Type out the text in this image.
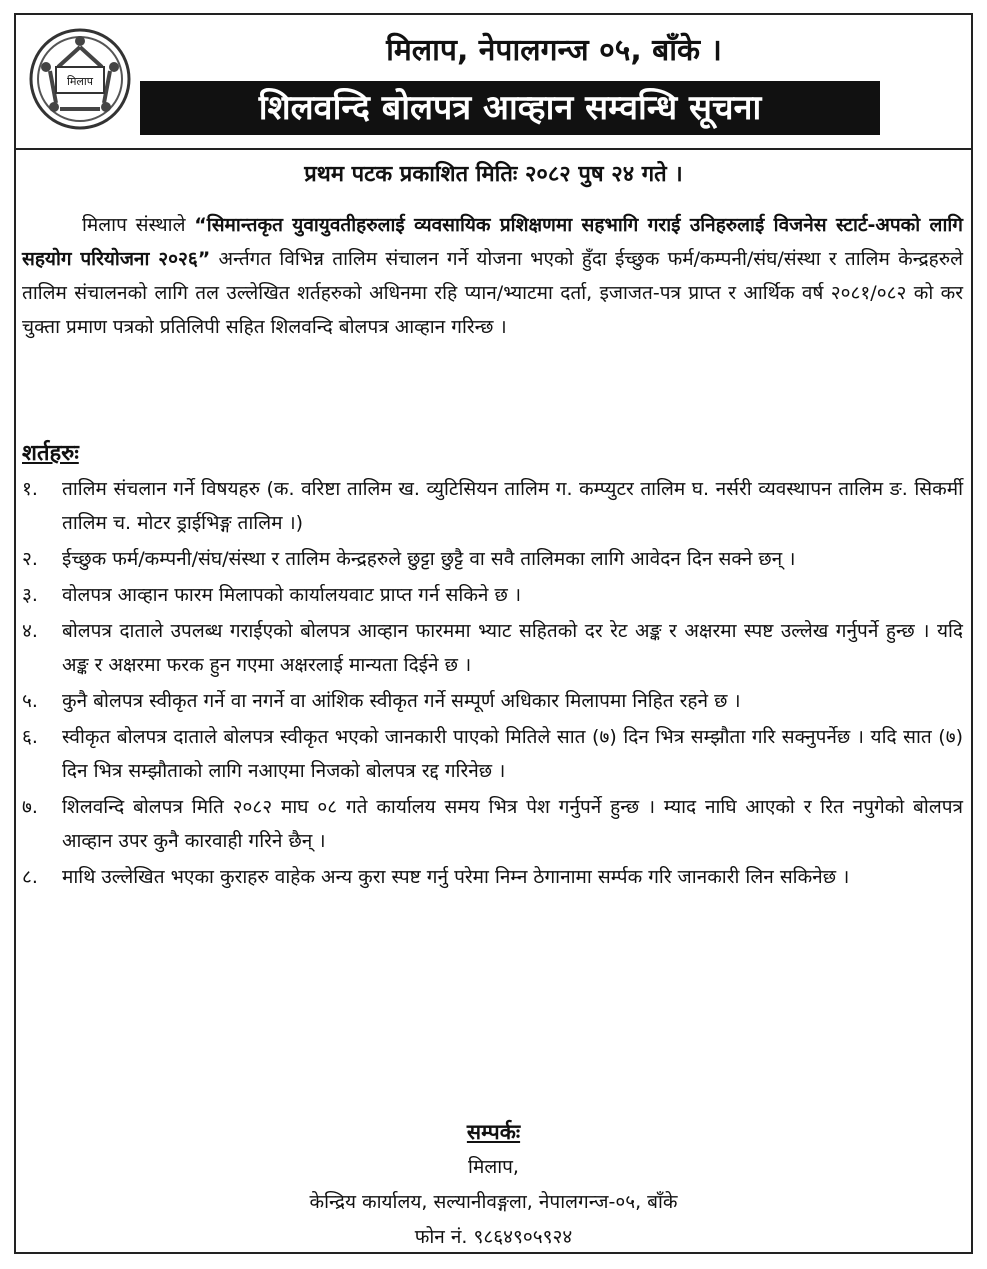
मिलाप
मिलाप, नेपालगन्ज ०५, बाँके ।
शिलवन्दि बोलपत्र आव्हान सम्वन्धि सूचना
प्रथम पटक प्रकाशित मितिः २०८२ पुष २४ गते ।

मिलाप संस्थाले “सिमान्तकृत युवायुवतीहरुलाई व्यवसायिक प्रशिक्षणमा सहभागि गराई उनिहरुलाई विजनेस स्टार्ट-अपको लागि सहयोग परियोजना २०२६” अर्न्तगत विभिन्न तालिम संचालन गर्ने योजना भएको हुँदा ईच्छुक फर्म/कम्पनी/संघ/संस्था र तालिम केन्द्रहरुले तालिम संचालनको लागि तल उल्लेखित शर्तहरुको अधिनमा रहि प्यान/भ्याटमा दर्ता, इजाजत-पत्र प्राप्त र आर्थिक वर्ष २०८१/०८२ को कर चुक्ता प्रमाण पत्रको प्रतिलिपी सहित शिलवन्दि बोलपत्र आव्हान गरिन्छ ।

शर्तहरुः
१.	तालिम संचलान गर्ने विषयहरु (क. वरिष्टा तालिम ख. व्युटिसियन तालिम ग. कम्प्युटर तालिम घ. नर्सरी व्यवस्थापन तालिम ङ. सिकर्मी तालिम च. मोटर ड्राईभिङ्ग तालिम ।)
२.	ईच्छुक फर्म/कम्पनी/संघ/संस्था र तालिम केन्द्रहरुले छुट्टा छुट्टै वा सवै तालिमका लागि आवेदन दिन सक्ने छन् ।
३.	वोलपत्र आव्हान फारम मिलापको कार्यालयवाट प्राप्त गर्न सकिने छ ।
४.	बोलपत्र दाताले उपलब्ध गराईएको बोलपत्र आव्हान फारममा भ्याट सहितको दर रेट अङ्क र अक्षरमा स्पष्ट उल्लेख गर्नुपर्ने हुन्छ । यदि अङ्क र अक्षरमा फरक हुन गएमा अक्षरलाई मान्यता दिईने छ ।
५.	कुनै बोलपत्र स्वीकृत गर्ने वा नगर्ने वा आंशिक स्वीकृत गर्ने सम्पूर्ण अधिकार मिलापमा निहित रहने छ ।
६.	स्वीकृत बोलपत्र दाताले बोलपत्र स्वीकृत भएको जानकारी पाएको मितिले सात (७) दिन भित्र सम्झौता गरि सक्नुपर्नेछ । यदि सात (७) दिन भित्र सम्झौताको लागि नआएमा निजको बोलपत्र रद्द गरिनेछ ।
७.	शिलवन्दि बोलपत्र मिति २०८२ माघ ०८ गते कार्यालय समय भित्र पेश गर्नुपर्ने हुन्छ । म्याद नाघि आएको र रित नपुगेको बोलपत्र आव्हान उपर कुनै कारवाही गरिने छैन् ।
८.	माथि उल्लेखित भएका कुराहरु वाहेक अन्य कुरा स्पष्ट गर्नु परेमा निम्न ठेगानामा सर्म्पक गरि जानकारी लिन सकिनेछ ।
सम्पर्कः
मिलाप,
केन्द्रिय कार्यालय, सल्यानीवङ्गला, नेपालगन्ज-०५, बाँके
फोन नं. ९८६४९०५९२४
